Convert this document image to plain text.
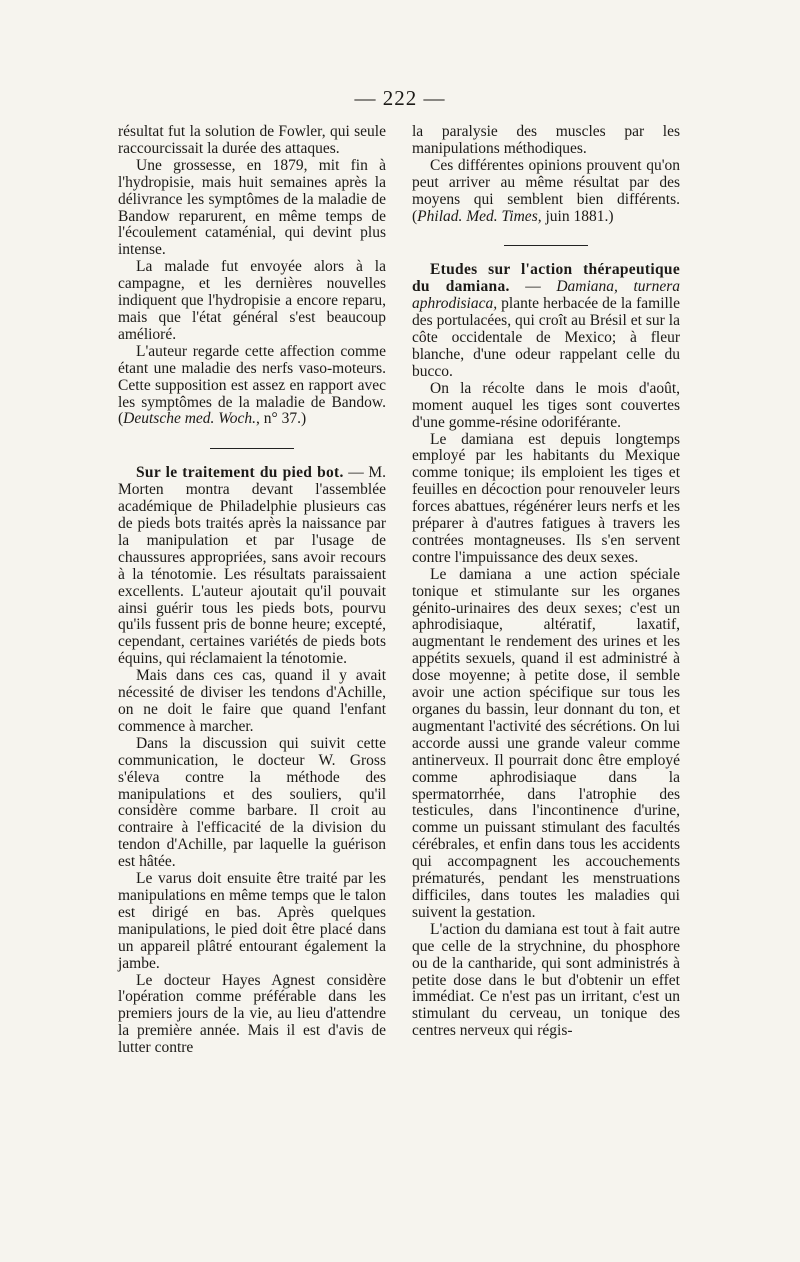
— 222 —

résultat fut la solution de Fowler, qui seule raccourcissait la durée des attaques.

Une grossesse, en 1879, mit fin à l'hydropisie, mais huit semaines après la délivrance les symptômes de la maladie de Bandow reparurent, en même temps de l'écoulement cataménial, qui devint plus intense.

La malade fut envoyée alors à la campagne, et les dernières nouvelles indiquent que l'hydropisie a encore reparu, mais que l'état général s'est beaucoup amélioré.

L'auteur regarde cette affection comme étant une maladie des nerfs vaso-moteurs. Cette supposition est assez en rapport avec les symptômes de la maladie de Bandow. (Deutsche med. Woch., n° 37.)

Sur le traitement du pied bot. — M. Morten montra devant l'assemblée académique de Philadelphie plusieurs cas de pieds bots traités après la naissance par la manipulation et par l'usage de chaussures appropriées, sans avoir recours à la ténotomie. Les résultats paraissaient excellents. L'auteur ajoutait qu'il pouvait ainsi guérir tous les pieds bots, pourvu qu'ils fussent pris de bonne heure; excepté, cependant, certaines variétés de pieds bots équins, qui réclamaient la ténotomie.

Mais dans ces cas, quand il y avait nécessité de diviser les tendons d'Achille, on ne doit le faire que quand l'enfant commence à marcher.

Dans la discussion qui suivit cette communication, le docteur W. Gross s'éleva contre la méthode des manipulations et des souliers, qu'il considère comme barbare. Il croit au contraire à l'efficacité de la division du tendon d'Achille, par laquelle la guérison est hâtée.

Le varus doit ensuite être traité par les manipulations en même temps que le talon est dirigé en bas. Après quelques manipulations, le pied doit être placé dans un appareil plâtré entourant également la jambe.

Le docteur Hayes Agnest considère l'opération comme préférable dans les premiers jours de la vie, au lieu d'attendre la première année. Mais il est d'avis de lutter contre

la paralysie des muscles par les manipulations méthodiques.

Ces différentes opinions prouvent qu'on peut arriver au même résultat par des moyens qui semblent bien différents. (Philad. Med. Times, juin 1881.)

Etudes sur l'action thérapeutique du damiana. — Damiana, turnera aphrodisiaca, plante herbacée de la famille des portulacées, qui croît au Brésil et sur la côte occidentale de Mexico; à fleur blanche, d'une odeur rappelant celle du bucco.

On la récolte dans le mois d'août, moment auquel les tiges sont couvertes d'une gomme-résine odoriférante.

Le damiana est depuis longtemps employé par les habitants du Mexique comme tonique; ils emploient les tiges et feuilles en décoction pour renouveler leurs forces abattues, régénérer leurs nerfs et les préparer à d'autres fatigues à travers les contrées montagneuses. Ils s'en servent contre l'impuissance des deux sexes.

Le damiana a une action spéciale tonique et stimulante sur les organes génito-urinaires des deux sexes; c'est un aphrodisiaque, altératif, laxatif, augmentant le rendement des urines et les appétits sexuels, quand il est administré à dose moyenne; à petite dose, il semble avoir une action spécifique sur tous les organes du bassin, leur donnant du ton, et augmentant l'activité des sécrétions. On lui accorde aussi une grande valeur comme antinerveux. Il pourrait donc être employé comme aphrodisiaque dans la spermatorrhée, dans l'atrophie des testicules, dans l'incontinence d'urine, comme un puissant stimulant des facultés cérébrales, et enfin dans tous les accidents qui accompagnent les accouchements prématurés, pendant les menstruations difficiles, dans toutes les maladies qui suivent la gestation.

L'action du damiana est tout à fait autre que celle de la strychnine, du phosphore ou de la cantharide, qui sont administrés à petite dose dans le but d'obtenir un effet immédiat. Ce n'est pas un irritant, c'est un stimulant du cerveau, un tonique des centres nerveux qui régis-
